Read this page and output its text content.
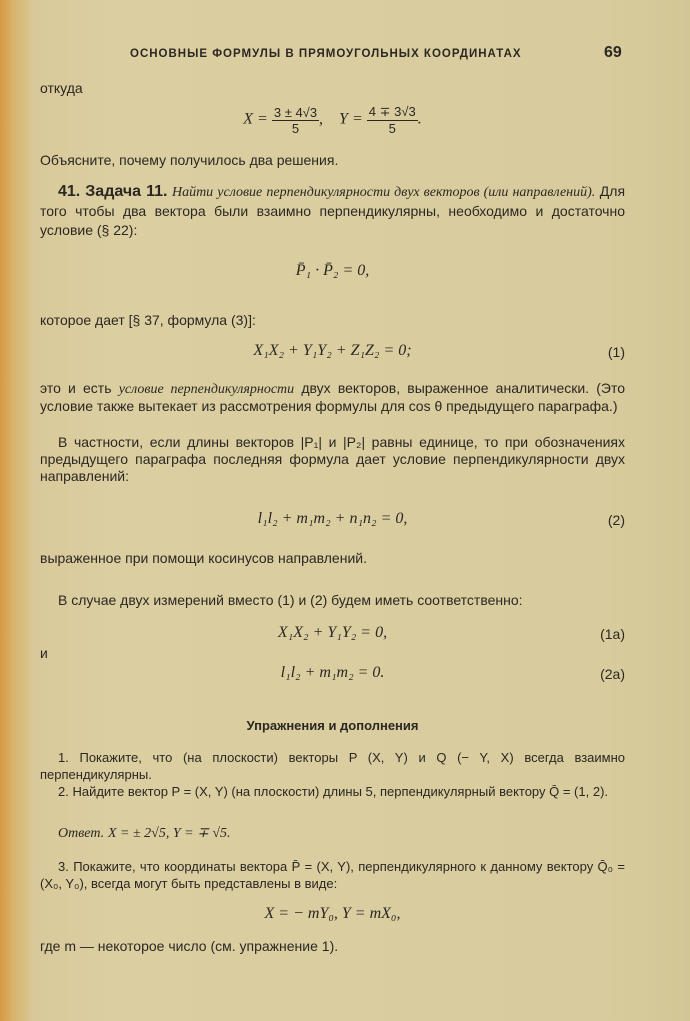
ОСНОВНЫЕ ФОРМУЛЫ В ПРЯМОУГОЛЬНЫХ КООРДИНАТАХ	69
откуда
$X = \frac{3 \pm 4√3}{5}$ ,    $Y = \frac{4 \mp 3√3}{5}$ .
Объясните, почему получилось два решения.
41. Задача 11. Найти условие перпендикулярности двух векторов (или направлений). Для того чтобы два вектора были взаимно перпендикулярны, необходимо и достаточно условие (§ 22):
P̄₁ · P̄₂ = 0,
которое дает [§ 37, формула (3)]:
X₁X₂ + Y₁Y₂ + Z₁Z₂ = 0;	(1)
это и есть условие перпендикулярности двух векторов, выраженное аналитически. (Это условие также вытекает из рассмотрения формулы для cos θ предыдущего параграфа.)
В частности, если длины векторов |P₁| и |P₂| равны единице, то при обозначениях предыдущего параграфа последняя формула дает условие перпендикулярности двух направлений:
l₁l₂ + m₁m₂ + n₁n₂ = 0,	(2)
выраженное при помощи косинусов направлений.
В случае двух измерений вместо (1) и (2) будем иметь соответственно:
X₁X₂ + Y₁Y₂ = 0,	(1a)
и
l₁l₂ + m₁m₂ = 0.	(2a)
Упражнения и дополнения
1. Покажите, что (на плоскости) векторы P (X, Y) и Q (− Y, X) всегда взаимно перпендикулярны.
2. Найдите вектор P = (X, Y) (на плоскости) длины 5, перпендикулярный вектору Q̄ = (1, 2).
Ответ. X = ± 2√5, Y = ∓ √5.
3. Покажите, что координаты вектора P̄ = (X, Y), перпендикулярного к данному вектору Q̄₀ = (X₀, Y₀), всегда могут быть представлены в виде:
X = − mY₀, Y = mX₀,
где m — некоторое число (см. упражнение 1).
